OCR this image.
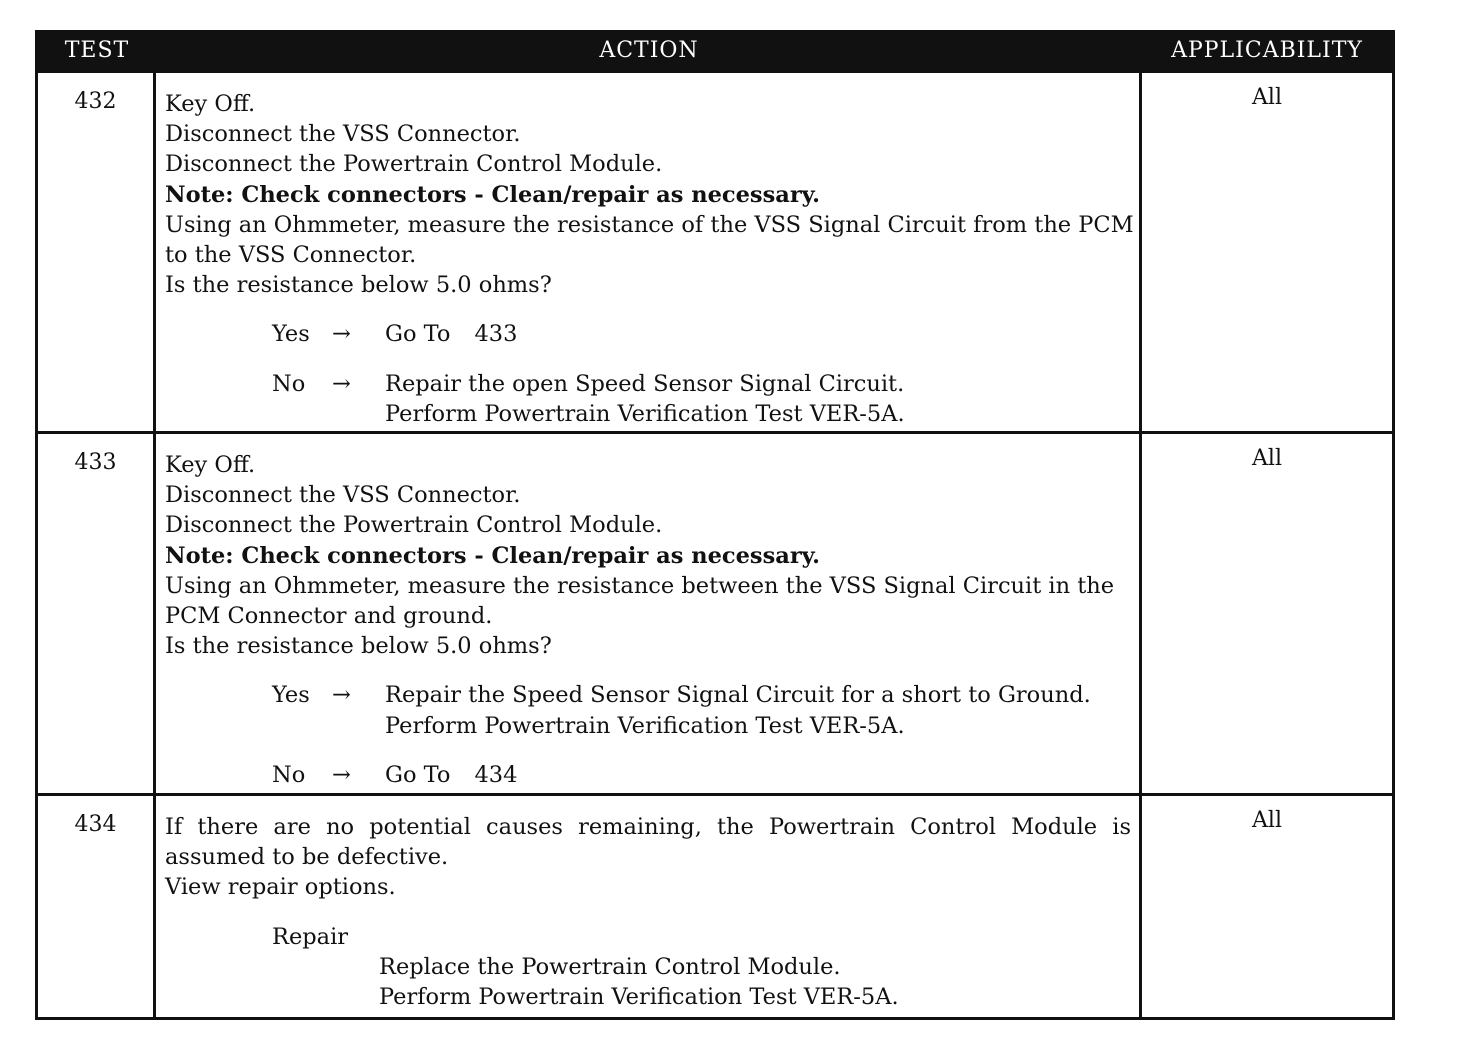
TEST	ACTION	APPLICABILITY
432	Key Off.
Disconnect the VSS Connector.
Disconnect the Powertrain Control Module.
Note: Check connectors - Clean/repair as necessary.
Using an Ohmmeter, measure the resistance of the VSS Signal Circuit from the PCM
to the VSS Connector.
Is the resistance below 5.0 ohms?
Yes →	Go To 433
No	→	Repair the open Speed Sensor Signal Circuit.
Perform Powertrain Verification Test VER-5A.
All
433	Key Off.
Disconnect the VSS Connector.
Disconnect the Powertrain Control Module.
Note: Check connectors - Clean/repair as necessary.
Using an Ohmmeter, measure the resistance between the VSS Signal Circuit in the
PCM Connector and ground.
Is the resistance below 5.0 ohms?
Yes →	Repair the Speed Sensor Signal Circuit for a short to Ground.
Perform Powertrain Verification Test VER-5A.
No	→	Go To 434
All
434	If there are no potential causes remaining, the Powertrain Control Module is
assumed to be defective.
View repair options.
Repair
Replace the Powertrain Control Module.
Perform Powertrain Verification Test VER-5A.
All
